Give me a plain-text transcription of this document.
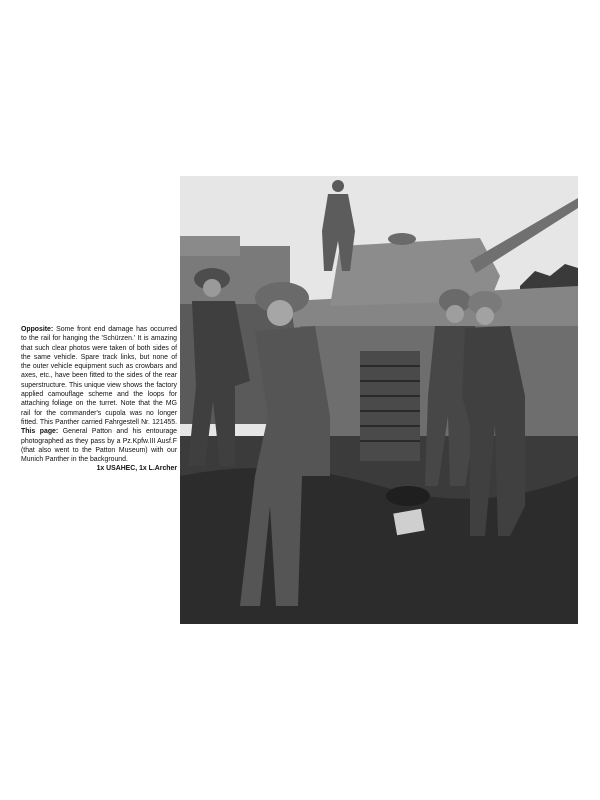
Opposite: Some front end damage has occurred to the rail for hanging the 'Schürzen.' It is amazing that such clear photos were taken of both sides of the same vehicle. Spare track links, but none of the outer vehicle equipment such as crowbars and axes, etc., have been fitted to the sides of the rear superstructure. This unique view shows the factory applied camouflage scheme and the loops for attaching foliage on the turret. Note that the MG rail for the commander's cupola was no longer fitted. This Panther carried Fahrgestell Nr. 121455. This page: General Patton and his entourage photographed as they pass by a Pz.Kpfw.III Ausf.F (that also went to the Patton Museum) with our Munich Panther in the background.
1x USAHEC, 1x L.Archer
